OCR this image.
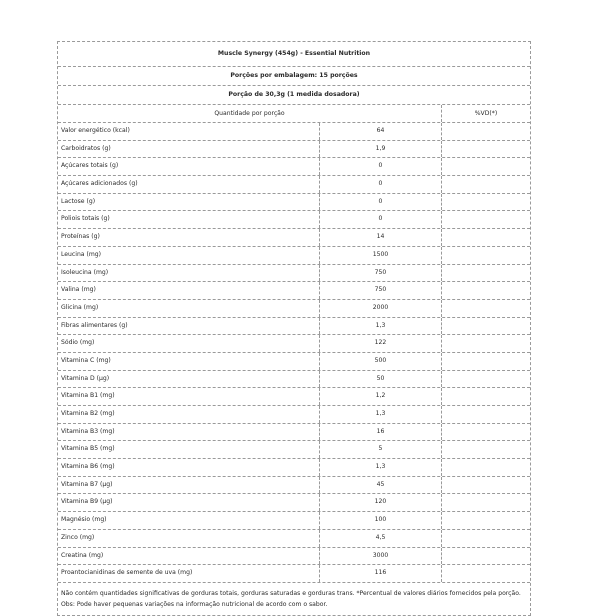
Muscle Synergy (454g) - Essential Nutrition
Porções por embalagem: 15 porções
Porção de 30,3g (1 medida dosadora)
Quantidade por porção	%VD(*)
Valor energético (kcal)	64
Carboidratos (g)	1,9
Açúcares totais (g)	0
Açúcares adicionados (g)	0
Lactose (g)	0
Poliois totais (g)	0
Proteínas (g)	14
Leucina (mg)	1500
Isoleucina (mg)	750
Valina (mg)	750
Glicina (mg)	2000
Fibras alimentares (g)	1,3
Sódio (mg)	122
Vitamina C (mg)	500
Vitamina D (µg)	50
Vitamina B1 (mg)	1,2
Vitamina B2 (mg)	1,3
Vitamina B3 (mg)	16
Vitamina B5 (mg)	5
Vitamina B6 (mg)	1,3
Vitamina B7 (µg)	45
Vitamina B9 (µg)	120
Magnésio (mg)	100
Zinco (mg)	4,5
Creatina (mg)	3000
Proantocianidinas de semente de uva (mg)	116
Não contém quantidades significativas de gorduras totais, gorduras saturadas e gorduras trans. *Percentual de valores diários fornecidos pela porção. Obs: Pode haver pequenas variações na informação nutricional de acordo com o sabor.
